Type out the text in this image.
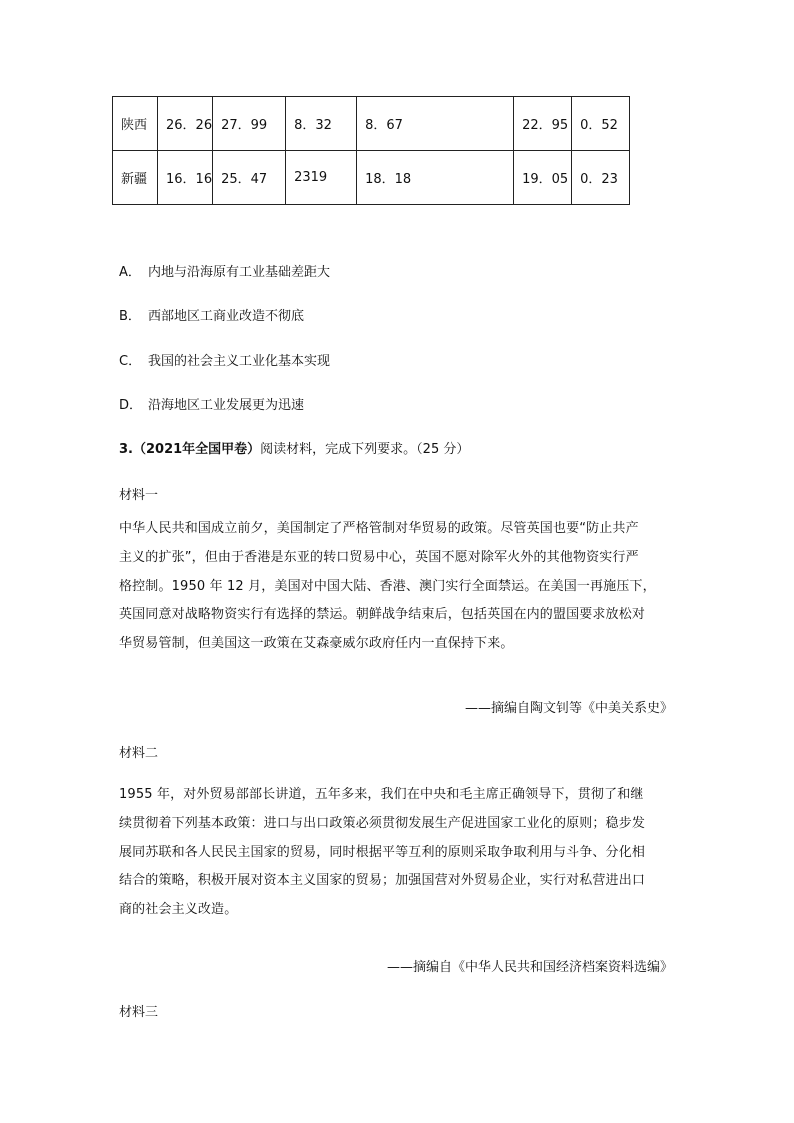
陕西	26．26	27．99	8．32	8．67	22．95	0．52
新疆	16．16	25．47	2319	18．18	19．05	0．23
A． 内地与沿海原有工业基础差距大
B． 西部地区工商业改造不彻底
C． 我国的社会主义工业化基本实现
D． 沿海地区工业发展更为迅速
3.（2021年全国甲卷）阅读材料，完成下列要求。（25 分）
材料一
中华人民共和国成立前夕，美国制定了严格管制对华贸易的政策。尽管英国也要“防止共产
主义的扩张”，但由于香港是东亚的转口贸易中心，英国不愿对除军火外的其他物资实行严
格控制。1950 年 12 月，美国对中国大陆、香港、澳门实行全面禁运。在美国一再施压下，
英国同意对战略物资实行有选择的禁运。朝鲜战争结束后，包括英国在内的盟国要求放松对
华贸易管制，但美国这一政策在艾森豪威尔政府任内一直保持下来。
——摘编自陶文钊等《中美关系史》
材料二
1955 年，对外贸易部部长讲道，五年多来，我们在中央和毛主席正确领导下，贯彻了和继
续贯彻着下列基本政策：进口与出口政策必须贯彻发展生产促进国家工业化的原则；稳步发
展同苏联和各人民民主国家的贸易，同时根据平等互利的原则采取争取利用与斗争、分化相
结合的策略，积极开展对资本主义国家的贸易；加强国营对外贸易企业，实行对私营进出口
商的社会主义改造。
——摘编自《中华人民共和国经济档案资料选编》
材料三
